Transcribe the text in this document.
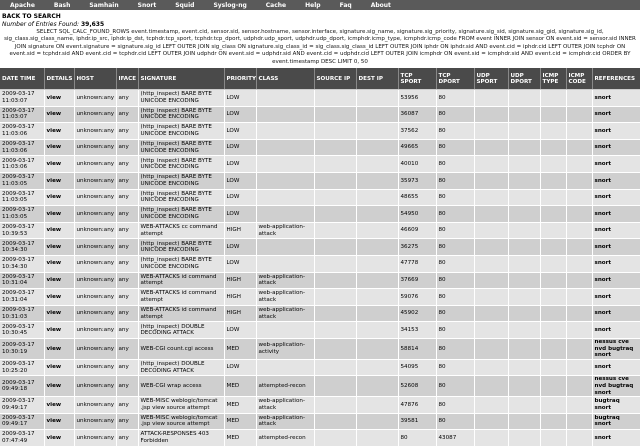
Apache	Bash	Samhain	Snort	Squid	Syslog-ng	Cache	Help	Faq	About
BACK TO SEARCH
Number of Entries Found: 39,635
SELECT SQL_CALC_FOUND_ROWS event.timestamp, event.cid, sensor.sid, sensor.hostname, sensor.interface, signature.sig_name, signature.sig_priority, signature.sig_sid, signature.sig_gid, signature.sig_id, sig_class.sig_class_name, iphdr.ip_src, iphdr.ip_dst, tcphdr.tcp_sport, tcphdr.tcp_dport, udphdr.udp_sport, udphdr.udp_dport, icmphdr.icmp_type, icmphdr.icmp_code FROM event INNER JOIN sensor ON event.sid = sensor.sid INNER JOIN signature ON event.signature = signature.sig_id LEFT OUTER JOIN sig_class ON signature.sig_class_id = sig_class.sig_class_id LEFT OUTER JOIN iphdr ON iphdr.sid AND event.cid = iphdr.cid LEFT OUTER JOIN tcphdr ON event.sid = tcphdr.sid AND event.cid = tcphdr.cid LEFT OUTER JOIN udphdr ON event.sid = udphdr.sid AND event.cid = udphdr.cid LEFT OUTER JOIN icmphdr ON event.sid = icmphdr.sid AND event.cid = icmphdr.cid ORDER BY event.timestamp DESC LIMIT 0, 50
DATE TIME	DETAILS	HOST	IFACE	SIGNATURE	PRIORITY	CLASS	SOURCE IP	DEST IP	TCP SPORT	TCP DPORT	UDP SPORT	UDP DPORT	ICMP TYPE	ICMP CODE	REFERENCES
2009-03-17 11:03:07	view	unknown:any	any	(http_inspect) BARE BYTE UNICODE ENCODING	LOW				53956	80					snort
2009-03-17 11:03:07	view	unknown:any	any	(http_inspect) BARE BYTE UNICODE ENCODING	LOW				36087	80					snort
2009-03-17 11:03:06	view	unknown:any	any	(http_inspect) BARE BYTE UNICODE ENCODING	LOW				37562	80					snort
2009-03-17 11:03:06	view	unknown:any	any	(http_inspect) BARE BYTE UNICODE ENCODING	LOW				49665	80					snort
2009-03-17 11:03:06	view	unknown:any	any	(http_inspect) BARE BYTE UNICODE ENCODING	LOW				40010	80					snort
2009-03-17 11:03:05	view	unknown:any	any	(http_inspect) BARE BYTE UNICODE ENCODING	LOW				35973	80					snort
2009-03-17 11:03:05	view	unknown:any	any	(http_inspect) BARE BYTE UNICODE ENCODING	LOW				48655	80					snort
2009-03-17 11:03:05	view	unknown:any	any	(http_inspect) BARE BYTE UNICODE ENCODING	LOW				54950	80					snort
2009-03-17 10:39:53	view	unknown:any	any	WEB-ATTACKS cc command attempt	HIGH	web-application-attack			46609	80					snort
2009-03-17 10:34:30	view	unknown:any	any	(http_inspect) BARE BYTE UNICODE ENCODING	LOW				36275	80					snort
2009-03-17 10:34:30	view	unknown:any	any	(http_inspect) BARE BYTE UNICODE ENCODING	LOW				47778	80					snort
2009-03-17 10:31:04	view	unknown:any	any	WEB-ATTACKS id command attempt	HIGH	web-application-attack			37669	80					snort
2009-03-17 10:31:04	view	unknown:any	any	WEB-ATTACKS id command attempt	HIGH	web-application-attack			59076	80					snort
2009-03-17 10:31:03	view	unknown:any	any	WEB-ATTACKS id command attempt	HIGH	web-application-attack			45902	80					snort
2009-03-17 10:30:45	view	unknown:any	any	(http_inspect) DOUBLE DECODING ATTACK	LOW				34153	80					snort
2009-03-17 10:30:19	view	unknown:any	any	WEB-CGI count.cgi access	MED	web-application-activity			58814	80					nessus cve nvd bugtraq snort
2009-03-17 10:25:20	view	unknown:any	any	(http_inspect) DOUBLE DECODING ATTACK	LOW				54095	80					snort
2009-03-17 09:49:18	view	unknown:any	any	WEB-CGI wrap access	MED	attempted-recon			52608	80					nessus cve nvd bugtraq snort
2009-03-17 09:49:17	view	unknown:any	any	WEB-MISC weblogic/tomcat .jsp view source attempt	MED	web-application-attack			47876	80					bugtraq snort
2009-03-17 09:49:17	view	unknown:any	any	WEB-MISC weblogic/tomcat .jsp view source attempt	MED	web-application-attack			39581	80					bugtraq snort
2009-03-17 07:47:49	view	unknown:any	any	ATTACK-RESPONSES 403 Forbidden	MED	attempted-recon			80	43087					snort
